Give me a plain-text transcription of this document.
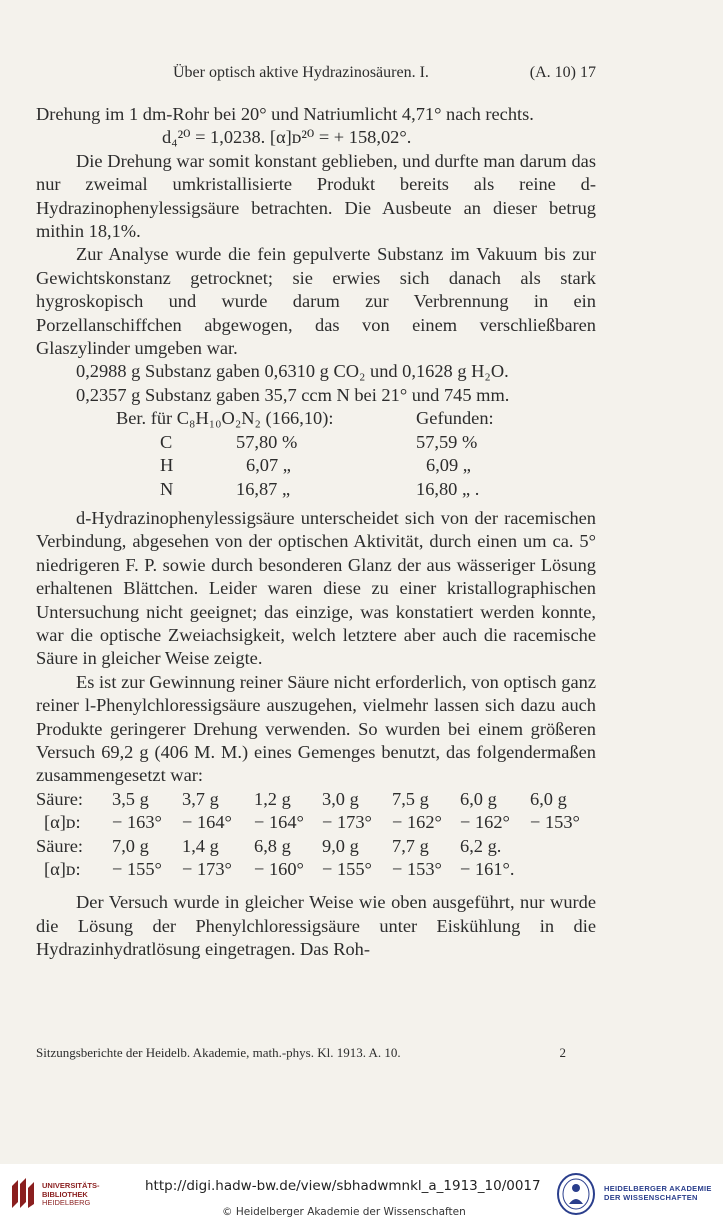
Über optisch aktive Hydrazinosäuren. I.	(A. 10) 17

Drehung im 1 dm-Rohr bei 20° und Natriumlicht 4,71° nach rechts.

d₄²⁰ = 1,0238. [α]ᴅ²⁰ = + 158,02°.

Die Drehung war somit konstant geblieben, und durfte man darum das nur zweimal umkristallisierte Produkt bereits als reine d-Hydrazinophenylessigsäure betrachten. Die Ausbeute an dieser betrug mithin 18,1%.

Zur Analyse wurde die fein gepulverte Substanz im Vakuum bis zur Gewichtskonstanz getrocknet; sie erwies sich danach als stark hygroskopisch und wurde darum zur Verbrennung in ein Porzellanschiffchen abgewogen, das von einem verschließbaren Glaszylinder umgeben war.

0,2988 g Substanz gaben 0,6310 g CO₂ und 0,1628 g H₂O.

0,2357 g Substanz gaben 35,7 ccm N bei 21° und 745 mm.

Ber. für C₈H₁₀O₂N₂ (166,10):	Gefunden:
C	57,80 %	57,59 %
H	6,07 „	6,09 „
N	16,87 „	16,80 „ .

d-Hydrazinophenylessigsäure unterscheidet sich von der racemischen Verbindung, abgesehen von der optischen Aktivität, durch einen um ca. 5° niedrigeren F. P. sowie durch besonderen Glanz der aus wässeriger Lösung erhaltenen Blättchen. Leider waren diese zu einer kristallographischen Untersuchung nicht geeignet; das einzige, was konstatiert werden konnte, war die optische Zweiachsigkeit, welch letztere aber auch die racemische Säure in gleicher Weise zeigte.

Es ist zur Gewinnung reiner Säure nicht erforderlich, von optisch ganz reiner l-Phenylchloressigsäure auszugehen, vielmehr lassen sich dazu auch Produkte geringerer Drehung verwenden. So wurden bei einem größeren Versuch 69,2 g (406 M. M.) eines Gemenges benutzt, das folgendermaßen zusammengesetzt war:

Säure:	3,5 g	3,7 g	1,2 g	3,0 g	7,5 g	6,0 g	6,0 g
[α]ᴅ:	− 163°	− 164°	− 164° − 173°	− 162° − 162°	− 153°
Säure:	7,0 g	1,4 g	6,8 g	9,0 g	7,7 g	6,2 g.
[α]ᴅ:	− 155°	− 173°	− 160° − 155°	− 153° − 161°.

Der Versuch wurde in gleicher Weise wie oben ausgeführt, nur wurde die Lösung der Phenylchloressigsäure unter Eiskühlung in die Hydrazinhydratlösung eingetragen. Das Roh-

Sitzungsberichte der Heidelb. Akademie, math.-phys. Kl. 1913. A. 10.	2
UNIVERSITÄTS-
BIBLIOTHEK
HEIDELBERG
http://digi.hadw-bw.de/view/sbhadwmnkl_a_1913_10/0017
© Heidelberger Akademie der Wissenschaften
HEIDELBERGER AKADEMIE
DER WISSENSCHAFTEN
